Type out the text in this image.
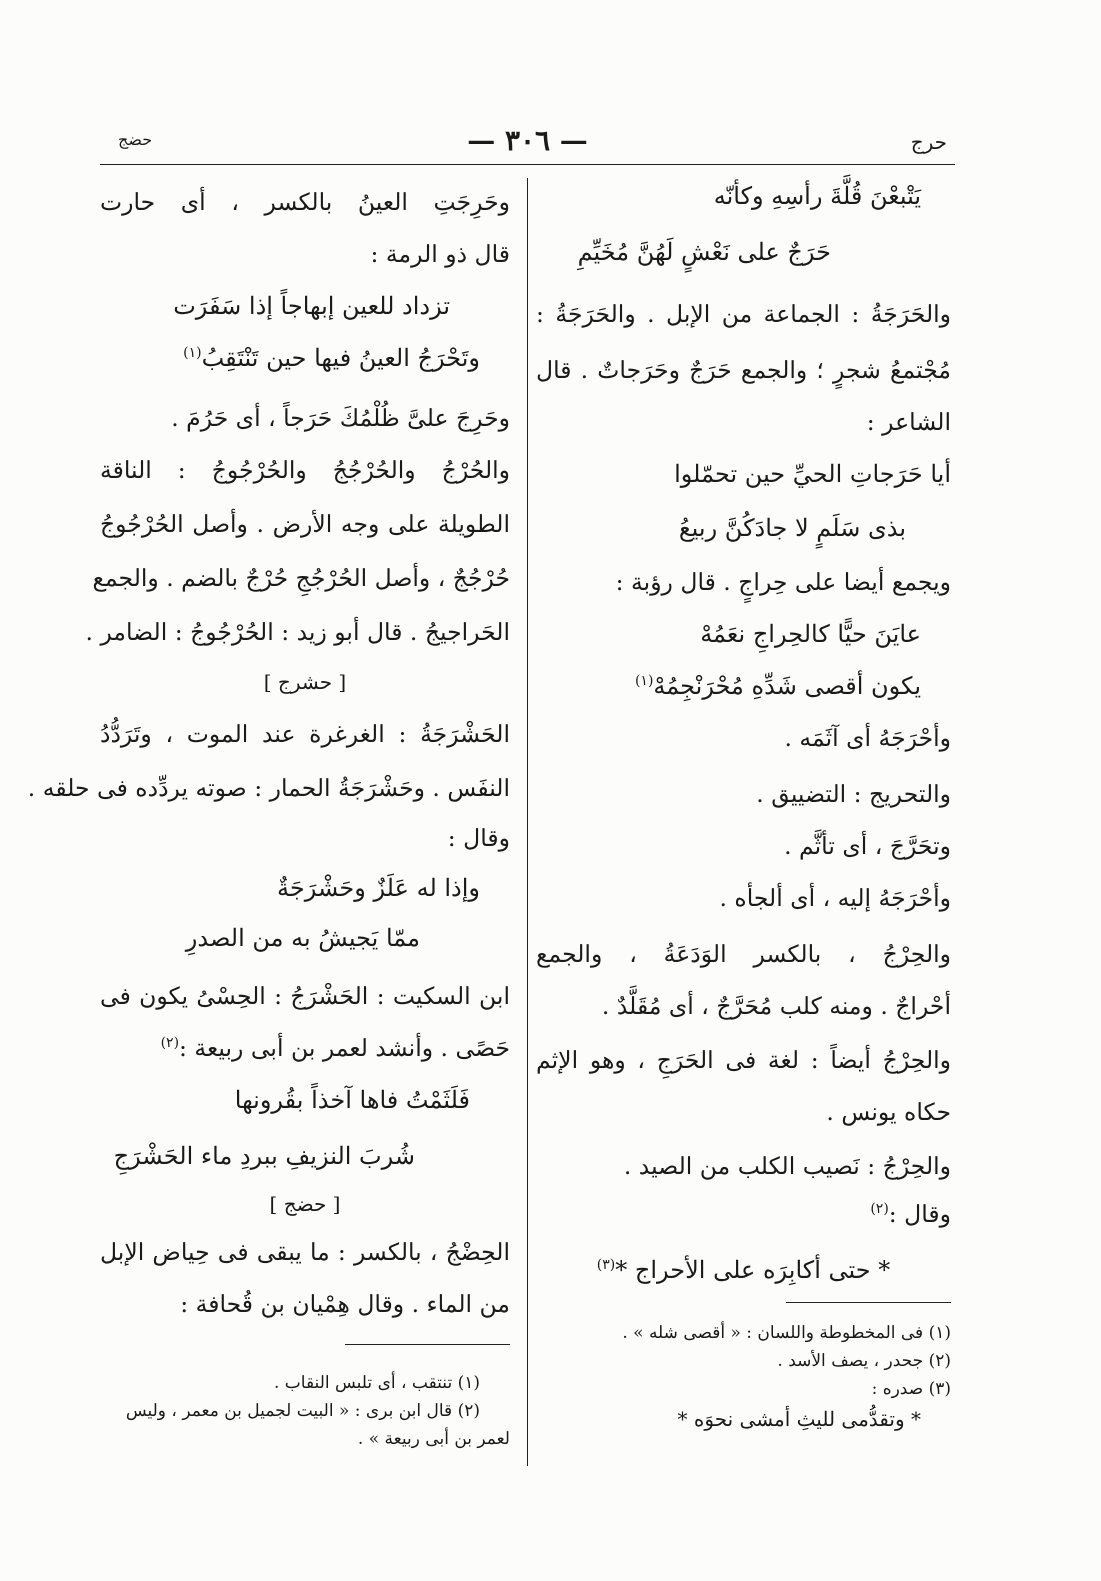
حرج
— ٣٠٦ —
حضج
يَتْبعْنَ قُلَّةَ رأسِهِ وكأنّه
حَرَجٌ على نَعْشٍ لَهُنَّ مُخَيِّمِ
والحَرَجَةُ : الجماعة من الإبل . والحَرَجَةُ :
مُجْتمعُ شجرٍ ؛ والجمع حَرَجٌ وحَرَجاتٌ . قال
الشاعر :
أيا حَرَجاتِ الحيِّ حين تحمّلوا
بذى سَلَمٍ لا جادَكُنَّ ربيعُ
ويجمع أيضا على حِراجٍ . قال رؤبة :
عايَنَ حيًّا كالحِراجِ نعَمُهْ
يكون أقصى شَدِّهِ مُحْرَنْجِمُهْ$^{(١)}$
وأحْرَجَهُ أى آثَمَه .
والتحريج : التضييق .
وتحَرَّجَ ، أى تأثَّم .
وأحْرَجَهُ إليه ، أى ألجأه .
والحِرْجُ ، بالكسر الوَدَعَةُ ، والجمع
أحْراجٌ . ومنه كلب مُحَرَّجٌ ، أى مُقَلَّدٌ .
والحِرْجُ أيضاً : لغة فى الحَرَجِ ، وهو الإثم
حكاه يونس .
والحِرْجُ : نَصيب الكلب من الصيد .
وقال :$^{(٢)}$
* حتى أكابِرَه على الأحراج *$^{(٣)}$
(١) فى المخطوطة واللسان : « أقصى شله » .
(٢) جحدر ، يصف الأسد .
(٣) صدره :
* وتقدُّمى لليثِ أمشى نحوَه *
وحَرِجَتِ العينُ بالكسر ، أى حارت
قال ذو الرمة :
تزداد للعين إبهاجاً إذا سَفَرَت
وتَحْرَجُ العينُ فيها حين تَنْتَقِبُ$^{(١)}$
وحَرِجَ علىَّ ظُلْمُكَ حَرَجاً ، أى حَرُمَ .
والحُرْجُ والحُرْجُجُ والحُرْجُوجُ : الناقة
الطويلة على وجه الأرض . وأصل الحُرْجُوجُ
حُرْجُجٌ ، وأصل الحُرْجُجِ حُرْجٌ بالضم . والجمع
الحَراجيجُ . قال أبو زيد : الحُرْجُوجُ : الضامر .
[ حشرج ]
الحَشْرَجَةُ : الغرغرة عند الموت ، وتَرَدُّدُ
النفَس . وحَشْرَجَةُ الحمار : صوته يردِّده فى حلقه .
وقال :
وإذا له عَلَزٌ وحَشْرَجَةٌ
ممّا يَجيشُ به من الصدرِ
ابن السكيت : الحَشْرَجُ : الحِسْىُ يكون فى
حَصًى . وأنشد لعمر بن أبى ربيعة :$^{(٢)}$
فَلَثَمْتُ فاها آخذاً بقُرونها
شُربَ النزيفِ ببردِ ماء الحَشْرَجِ
[ حضج ]
الحِضْجُ ، بالكسر : ما يبقى فى حِياض الإبل
من الماء . وقال هِمْيان بن قُحافة :
(١) تنتقب ، أى تلبس النقاب .
(٢) قال ابن برى : « البيت لجميل بن معمر ، وليس
لعمر بن أبى ربيعة » .
